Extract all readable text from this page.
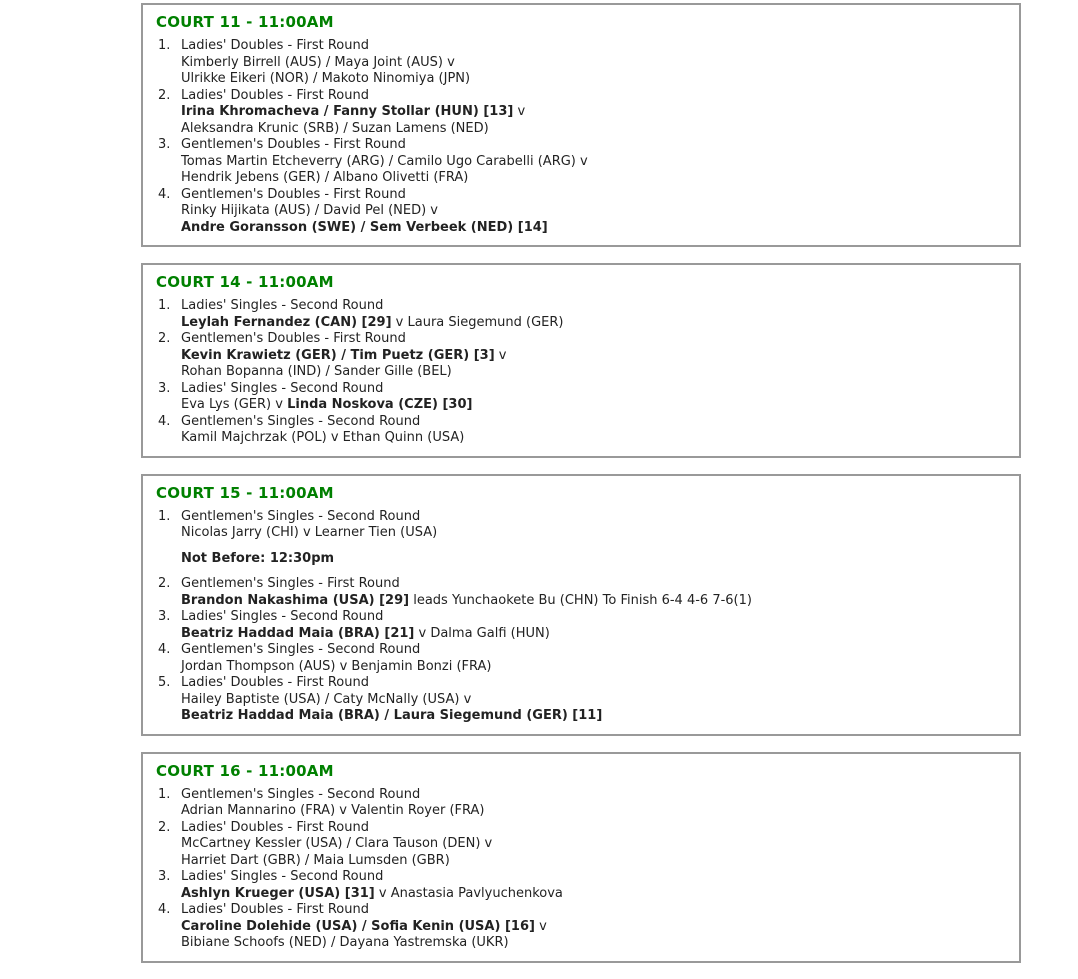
COURT 11 - 11:00AM
1. Ladies' Doubles - First Round
Kimberly Birrell (AUS) / Maya Joint (AUS) v
Ulrikke Eikeri (NOR) / Makoto Ninomiya (JPN)
2. Ladies' Doubles - First Round
Irina Khromacheva / Fanny Stollar (HUN) [13] v
Aleksandra Krunic (SRB) / Suzan Lamens (NED)
3. Gentlemen's Doubles - First Round
Tomas Martin Etcheverry (ARG) / Camilo Ugo Carabelli (ARG) v
Hendrik Jebens (GER) / Albano Olivetti (FRA)
4. Gentlemen's Doubles - First Round
Rinky Hijikata (AUS) / David Pel (NED) v
Andre Goransson (SWE) / Sem Verbeek (NED) [14]
COURT 14 - 11:00AM
1. Ladies' Singles - Second Round
Leylah Fernandez (CAN) [29] v Laura Siegemund (GER)
2. Gentlemen's Doubles - First Round
Kevin Krawietz (GER) / Tim Puetz (GER) [3] v
Rohan Bopanna (IND) / Sander Gille (BEL)
3. Ladies' Singles - Second Round
Eva Lys (GER) v Linda Noskova (CZE) [30]
4. Gentlemen's Singles - Second Round
Kamil Majchrzak (POL) v Ethan Quinn (USA)
COURT 15 - 11:00AM
1. Gentlemen's Singles - Second Round
Nicolas Jarry (CHI) v Learner Tien (USA)
Not Before: 12:30pm
2. Gentlemen's Singles - First Round
Brandon Nakashima (USA) [29] leads Yunchaokete Bu (CHN) To Finish 6-4 4-6 7-6(1)
3. Ladies' Singles - Second Round
Beatriz Haddad Maia (BRA) [21] v Dalma Galfi (HUN)
4. Gentlemen's Singles - Second Round
Jordan Thompson (AUS) v Benjamin Bonzi (FRA)
5. Ladies' Doubles - First Round
Hailey Baptiste (USA) / Caty McNally (USA) v
Beatriz Haddad Maia (BRA) / Laura Siegemund (GER) [11]
COURT 16 - 11:00AM
1. Gentlemen's Singles - Second Round
Adrian Mannarino (FRA) v Valentin Royer (FRA)
2. Ladies' Doubles - First Round
McCartney Kessler (USA) / Clara Tauson (DEN) v
Harriet Dart (GBR) / Maia Lumsden (GBR)
3. Ladies' Singles - Second Round
Ashlyn Krueger (USA) [31] v Anastasia Pavlyuchenkova
4. Ladies' Doubles - First Round
Caroline Dolehide (USA) / Sofia Kenin (USA) [16] v
Bibiane Schoofs (NED) / Dayana Yastremska (UKR)
